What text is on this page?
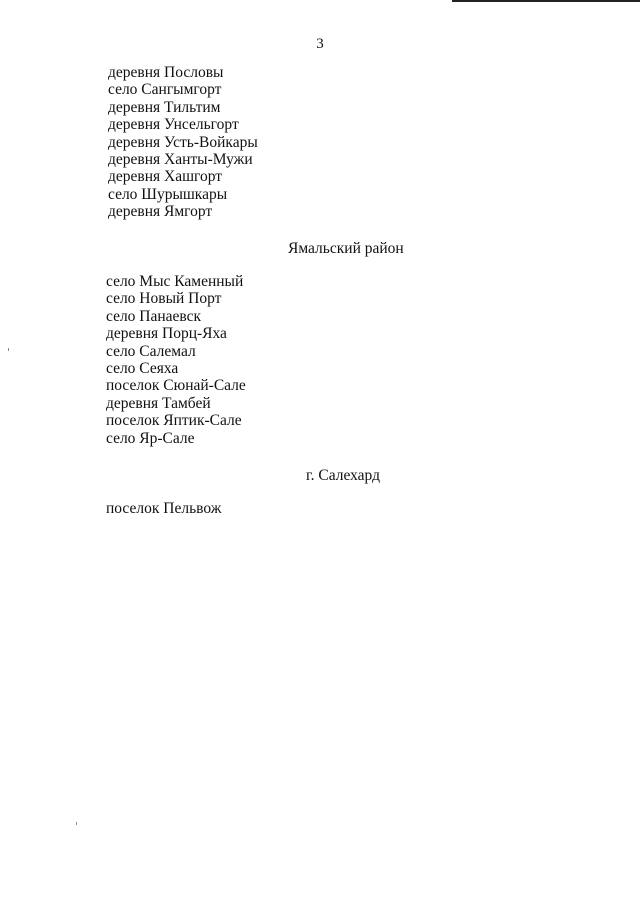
3
деревня Пословы
село Сангымгорт
деревня Тильтим
деревня Унсельгорт
деревня Усть-Войкары
деревня Ханты-Мужи
деревня Хашгорт
село Шурышкары
деревня Ямгорт
Ямальский район
село Мыс Каменный
село Новый Порт
село Панаевск
деревня Порц-Яха
село Салемал
село Сеяха
поселок Сюнай-Сале
деревня Тамбей
поселок Яптик-Сале
село Яр-Сале
г. Салехард
поселок Пельвож
